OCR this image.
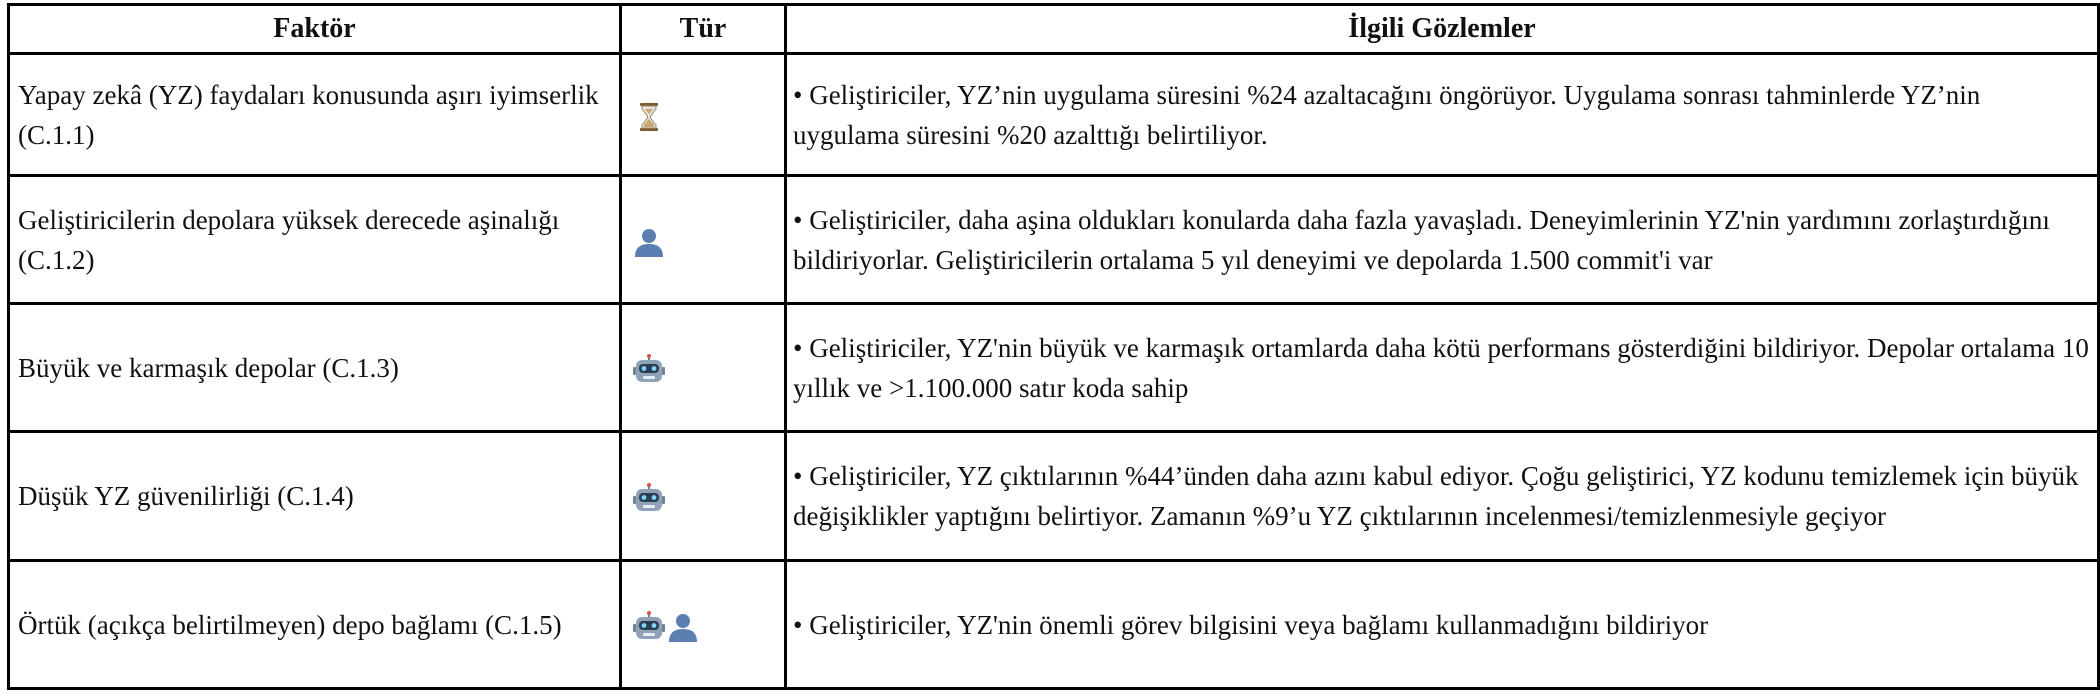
Faktör	Tür	İlgili Gözlemler
Yapay zekâ (YZ) faydaları konusunda aşırı iyimserlik (C.1.1)		• Geliştiriciler, YZ’nin uygulama süresini %24 azaltacağını öngörüyor. Uygulama sonrası tahminlerde YZ’nin uygulama süresini %20 azalttığı belirtiliyor.
Geliştiricilerin depolara yüksek derecede aşinalığı (C.1.2)		• Geliştiriciler, daha aşina oldukları konularda daha fazla yavaşladı. Deneyimlerinin YZ'nin yardımını zorlaştırdığını bildiriyorlar. Geliştiricilerin ortalama 5 yıl deneyimi ve depolarda 1.500 commit'i var
Büyük ve karmaşık depolar (C.1.3)		• Geliştiriciler, YZ'nin büyük ve karmaşık ortamlarda daha kötü performans gösterdiğini bildiriyor. Depolar ortalama 10 yıllık ve >1.100.000 satır koda sahip
Düşük YZ güvenilirliği (C.1.4)		• Geliştiriciler, YZ çıktılarının %44’ünden daha azını kabul ediyor. Çoğu geliştirici, YZ kodunu temizlemek için büyük değişiklikler yaptığını belirtiyor. Zamanın %9’u YZ çıktılarının incelenmesi/temizlenmesiyle geçiyor
Örtük (açıkça belirtilmeyen) depo bağlamı (C.1.5)		• Geliştiriciler, YZ'nin önemli görev bilgisini veya bağlamı kullanmadığını bildiriyor
